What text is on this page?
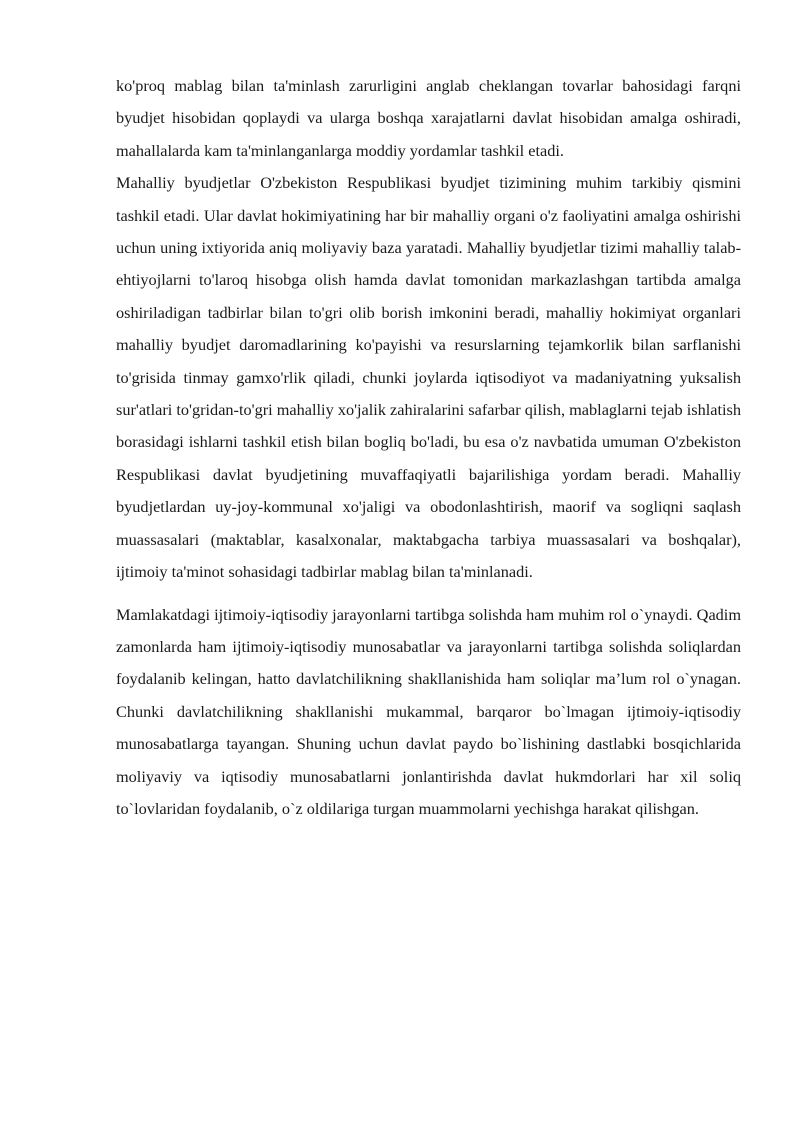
ko'proq mablag bilan ta'minlash zarurligini anglab cheklangan tovarlar bahosidagi farqni byudjet hisobidan qoplaydi va ularga boshqa xarajatlarni davlat hisobidan amalga oshiradi, mahallalarda kam ta'minlanganlarga moddiy yordamlar tashkil etadi.

Mahalliy byudjetlar O'zbekiston Respublikasi byudjet tizimining muhim tarkibiy qismini tashkil etadi. Ular davlat hokimiyatining har bir mahalliy organi o'z faoliyatini amalga oshirishi uchun uning ixtiyorida aniq moliyaviy baza yaratadi. Mahalliy byudjetlar tizimi mahalliy talab-ehtiyojlarni to'laroq hisobga olish hamda davlat tomonidan markazlashgan tartibda amalga oshiriladigan tadbirlar bilan to'gri olib borish imkonini beradi, mahalliy hokimiyat organlari mahalliy byudjet daromadlarining ko'payishi va resurslarning tejamkorlik bilan sarflanishi to'grisida tinmay gamxo'rlik qiladi, chunki joylarda iqtisodiyot va madaniyatning yuksalish sur'atlari to'gridan-to'gri mahalliy xo'jalik zahiralarini safarbar qilish, mablaglarni tejab ishlatish borasidagi ishlarni tashkil etish bilan bogliq bo'ladi, bu esa o'z navbatida umuman O'zbekiston Respublikasi davlat byudjetining muvaffaqiyatli bajarilishiga yordam beradi. Mahalliy byudjetlardan uy-joy-kommunal xo'jaligi va obodonlashtirish, maorif va sogliqni saqlash muassasalari (maktablar, kasalxonalar, maktabgacha tarbiya muassasalari va boshqalar), ijtimoiy ta'minot sohasidagi tadbirlar mablag bilan ta'minlanadi.

Mamlakatdagi ijtimoiy-iqtisodiy jarayonlarni tartibga solishda ham muhim rol o`ynaydi. Qadim zamonlarda ham ijtimoiy-iqtisodiy munosabatlar va jarayonlarni tartibga solishda soliqlardan foydalanib kelingan, hatto davlatchilikning shakllanishida ham soliqlar ma’lum rol o`ynagan. Chunki davlatchilikning shakllanishi mukammal, barqaror bo`lmagan ijtimoiy-iqtisodiy munosabatlarga tayangan. Shuning uchun davlat paydo bo`lishining dastlabki bosqichlarida moliyaviy va iqtisodiy munosabatlarni jonlantirishda davlat hukmdorlari har xil soliq to`lovlaridan foydalanib, o`z oldilariga turgan muammolarni yechishga harakat qilishgan.
